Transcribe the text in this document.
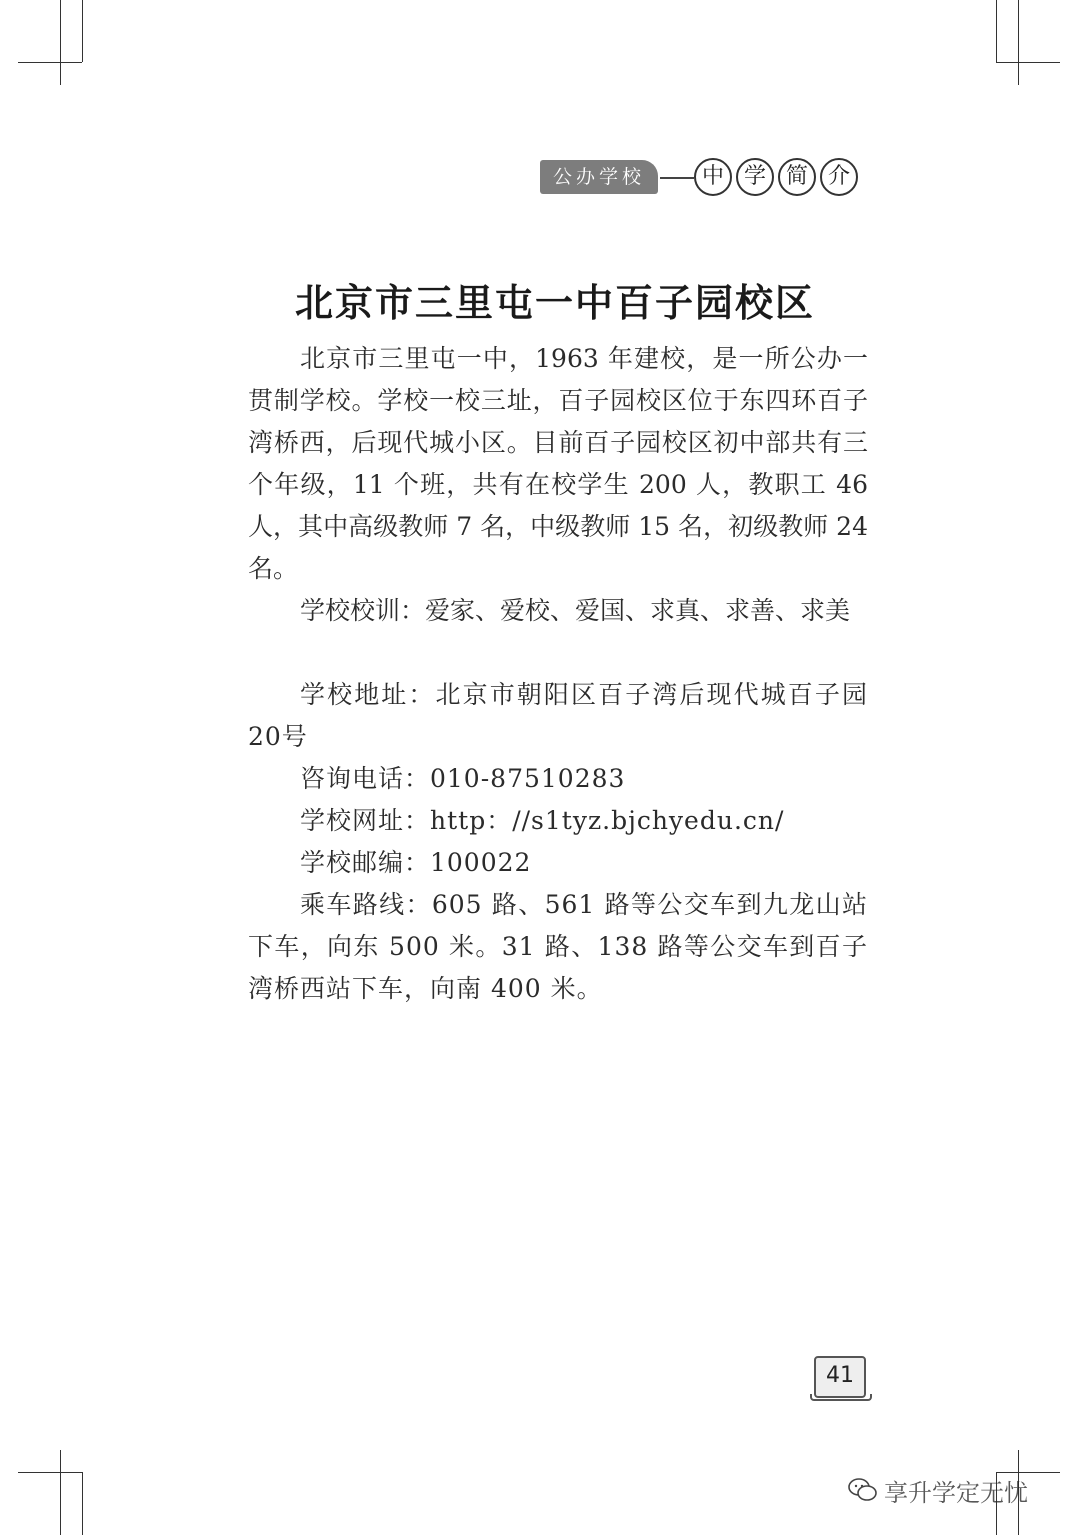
公办学校	中 学 简 介
北京市三里屯一中百子园校区

北京市三里屯一中，1963 年建校，是一所公办一贯制学校。学校一校三址，百子园校区位于东四环百子湾桥西，后现代城小区。目前百子园校区初中部共有三个年级，11 个班，共有在校学生 200 人，教职工 46 人，其中高级教师 7 名，中级教师 15 名，初级教师 24 名。

学校校训：爱家、爱校、爱国、求真、求善、求美

学校地址：北京市朝阳区百子湾后现代城百子园20号

咨询电话：010-87510283

学校网址：http：//s1tyz.bjchyedu.cn/

学校邮编：100022

乘车路线：605 路、561 路等公交车到九龙山站下车，向东 500 米。31 路、138 路等公交车到百子湾桥西站下车，向南 400 米。

41
享升学定无忧
